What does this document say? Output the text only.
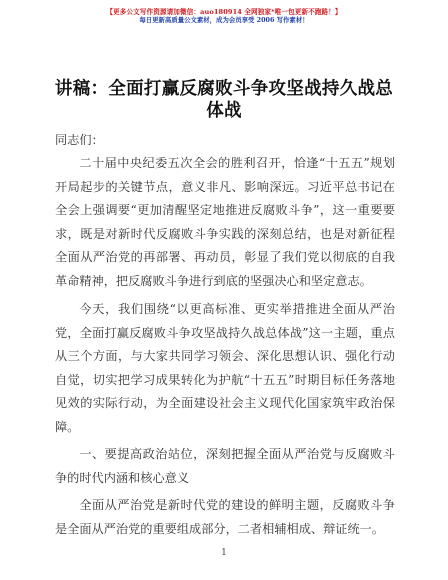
【更多公文写作资源请加微信：auo180914 全网独家*唯一包更新不跑路！】
每日更新高质量公文素材，成为会员享受 2006 写作素材！
讲稿：全面打赢反腐败斗争攻坚战持久战总体战

同志们：

二十届中央纪委五次全会的胜利召开，恰逢“十五五”规划开局起步的关键节点，意义非凡、影响深远。习近平总书记在全会上强调要“更加清醒坚定地推进反腐败斗争”，这一重要要求，既是对新时代反腐败斗争实践的深刻总结，也是对新征程全面从严治党的再部署、再动员，彰显了我们党以彻底的自我革命精神，把反腐败斗争进行到底的坚强决心和坚定意志。

今天，我们围绕“以更高标准、更实举措推进全面从严治党，全面打赢反腐败斗争攻坚战持久战总体战”这一主题，重点从三个方面，与大家共同学习领会、深化思想认识、强化行动自觉，切实把学习成果转化为护航“十五五”时期目标任务落地见效的实际行动，为全面建设社会主义现代化国家筑牢政治保障。

一、要提高政治站位，深刻把握全面从严治党与反腐败斗争的时代内涵和核心意义

全面从严治党是新时代党的建设的鲜明主题，反腐败斗争是全面从严治党的重要组成部分，二者相辅相成、辩证统一。

1
